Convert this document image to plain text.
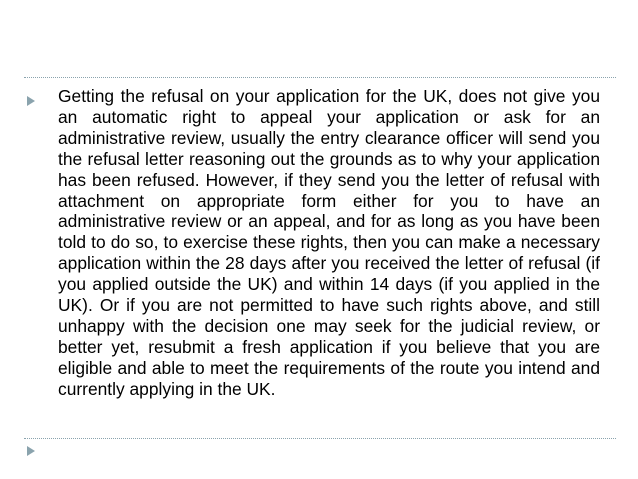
Getting the refusal on your application for the UK, does not give you an automatic right to appeal your application or ask for an administrative review, usually the entry clearance officer will send you the refusal letter reasoning out the grounds as to why your application has been refused. However, if they send you the letter of refusal with attachment on appropriate form either for you to have an administrative review or an appeal, and for as long as you have been told to do so, to exercise these rights, then you can make a necessary application within the 28 days after you received the letter of refusal (if you applied outside the UK) and within 14 days (if you applied in the UK). Or if you are not permitted to have such rights above, and still unhappy with the decision one may seek for the judicial review, or better yet, resubmit a fresh application if you believe that you are eligible and able to meet the requirements of the route you intend and currently applying in the UK.
